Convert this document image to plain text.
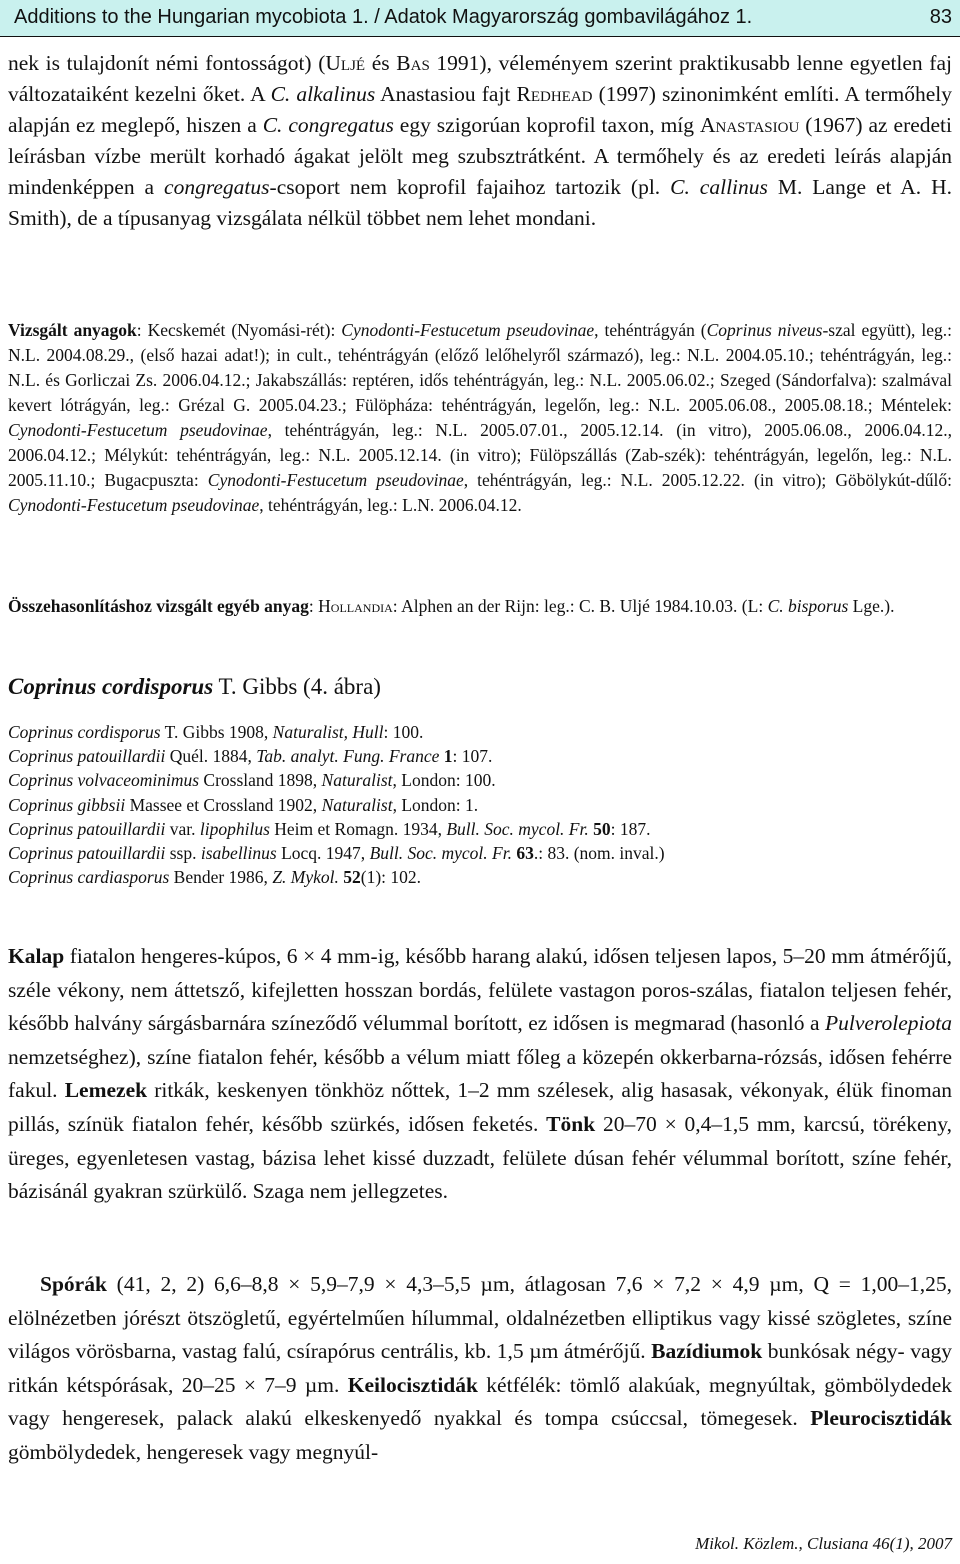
Additions to the Hungarian mycobiota 1. / Adatok Magyarország gombavilágához 1.	83
nek is tulajdonít némi fontosságot) (Uljé és Bas 1991), véleményem szerint praktikusabb lenne egyetlen faj változataiként kezelni őket. A C. alkalinus Anastasiou fajt Redhead (1997) szinonimként említi. A termőhely alapján ez meglepő, hiszen a C. congregatus egy szigorúan koprofil taxon, míg Anastasiou (1967) az eredeti leírásban vízbe merült korhadó ágakat jelölt meg szubsztrátként. A termőhely és az eredeti leírás alapján mindenképpen a congregatus-csoport nem koprofil fajaihoz tartozik (pl. C. callinus M. Lange et A. H. Smith), de a típusanyag vizsgálata nélkül többet nem lehet mondani.
Vizsgált anyagok: Kecskemét (Nyomási-rét): Cynodonti-Festucetum pseudovinae, tehéntrágyán (Coprinus niveus-szal együtt), leg.: N.L. 2004.08.29., (első hazai adat!); in cult., tehéntrágyán (előző lelőhelyről származó), leg.: N.L. 2004.05.10.; tehéntrágyán, leg.: N.L. és Gorliczai Zs. 2006.04.12.; Jakabszállás: reptéren, idős tehéntrágyán, leg.: N.L. 2005.06.02.; Szeged (Sándorfalva): szalmával kevert lótrágyán, leg.: Grézal G. 2005.04.23.; Fülöpháza: tehéntrágyán, legelőn, leg.: N.L. 2005.06.08., 2005.08.18.; Méntelek: Cynodonti-Festucetum pseudovinae, tehéntrágyán, leg.: N.L. 2005.07.01., 2005.12.14. (in vitro), 2005.06.08., 2006.04.12., 2006.04.12.; Mélykút: tehéntrágyán, leg.: N.L. 2005.12.14. (in vitro); Fülöpszállás (Zab-szék): tehéntrágyán, legelőn, leg.: N.L. 2005.11.10.; Bugacpuszta: Cynodonti-Festucetum pseudovinae, tehéntrágyán, leg.: N.L. 2005.12.22. (in vitro); Göbölykút-dűlő: Cynodonti-Festucetum pseudovinae, tehéntrágyán, leg.: L.N. 2006.04.12.
Összehasonlításhoz vizsgált egyéb anyag: Hollandia: Alphen an der Rijn: leg.: C. B. Uljé 1984.10.03. (L: C. bisporus Lge.).
Coprinus cordisporus T. Gibbs (4. ábra)
Coprinus cordisporus T. Gibbs 1908, Naturalist, Hull: 100.
Coprinus patouillardii Quél. 1884, Tab. analyt. Fung. France 1: 107.
Coprinus volvaceominimus Crossland 1898, Naturalist, London: 100.
Coprinus gibbsii Massee et Crossland 1902, Naturalist, London: 1.
Coprinus patouillardii var. lipophilus Heim et Romagn. 1934, Bull. Soc. mycol. Fr. 50: 187.
Coprinus patouillardii ssp. isabellinus Locq. 1947, Bull. Soc. mycol. Fr. 63.: 83. (nom. inval.)
Coprinus cardiasporus Bender 1986, Z. Mykol. 52(1): 102.
Kalap fiatalon hengeres-kúpos, 6 × 4 mm-ig, később harang alakú, idősen teljesen lapos, 5–20 mm átmérőjű, széle vékony, nem áttetsző, kifejletten hosszan bordás, felülete vastagon poros-szálas, fiatalon teljesen fehér, később halvány sárgásbarnára színeződő vélummal borított, ez idősen is megmarad (hasonló a Pulverolepiota nemzetséghez), színe fiatalon fehér, később a vélum miatt főleg a közepén okkerbarna-rózsás, idősen fehérre fakul. Lemezek ritkák, keskenyen tönkhöz nőttek, 1–2 mm szélesek, alig hasasak, vékonyak, élük finoman pillás, színük fiatalon fehér, később szürkés, idősen feketés. Tönk 20–70 × 0,4–1,5 mm, karcsú, törékeny, üreges, egyenletesen vastag, bázisa lehet kissé duzzadt, felülete dúsan fehér vélummal borított, színe fehér, bázisánál gyakran szürkülő. Szaga nem jellegzetes.
Spórák (41, 2, 2) 6,6–8,8 × 5,9–7,9 × 4,3–5,5 µm, átlagosan 7,6 × 7,2 × 4,9 µm, Q = 1,00–1,25, elölnézetben jórészt ötszögletű, egyértelműen hílummal, oldalnézetben elliptikus vagy kissé szögletes, színe világos vörösbarna, vastag falú, csírapórus centrális, kb. 1,5 µm átmérőjű. Bazídiumok bunkósak négy- vagy ritkán kétspórásak, 20–25 × 7–9 µm. Keilocisztidák kétfélék: tömlő alakúak, megnyúltak, gömbölydedek vagy hengeresek, palack alakú elkeskenyedő nyakkal és tompa csúccsal, tömegesek. Pleurocisztidák gömbölydedek, hengeresek vagy megnyúl-
Mikol. Közlem., Clusiana 46(1), 2007
